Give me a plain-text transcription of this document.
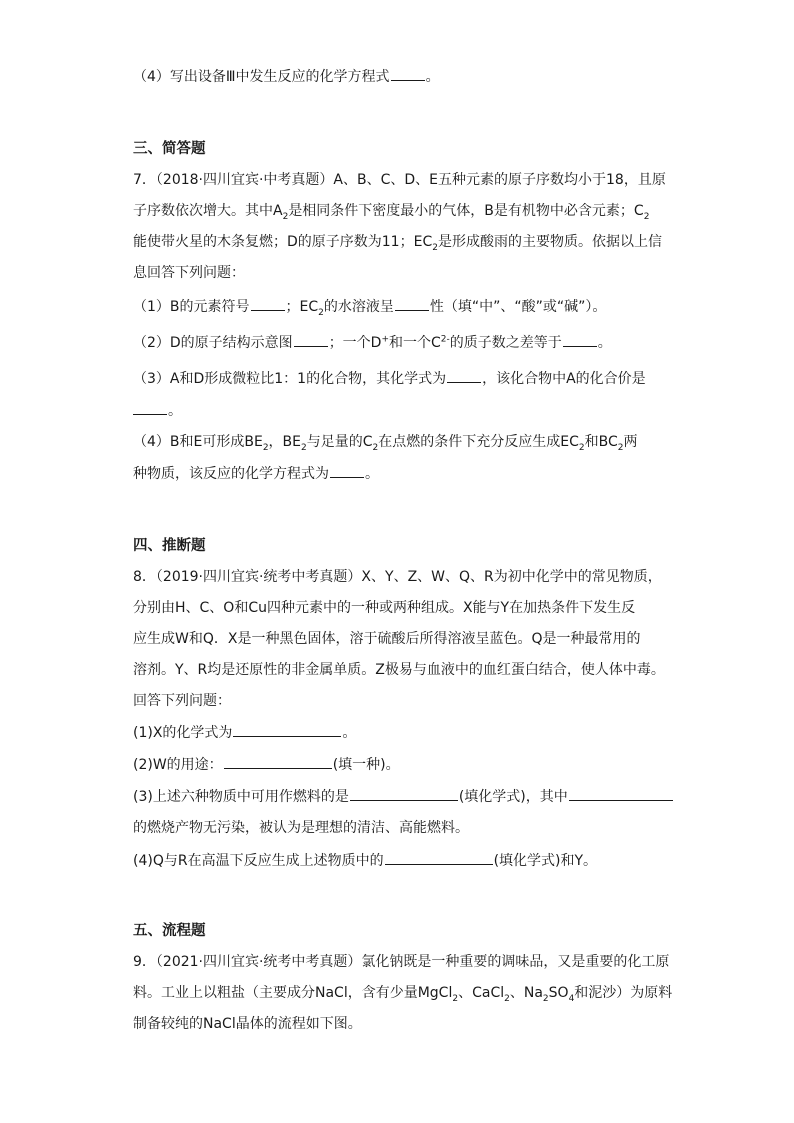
（4）写出设备Ⅲ中发生反应的化学方程式	。
三、简答题
7．（2018·四川宜宾·中考真题）A、B、C、D、E五种元素的原子序数均小于18，且原
子序数依次增大。其中$A_2$是相同条件下密度最小的气体，B是有机物中必含元素；$C_2$
能使带火星的木条复燃；D的原子序数为11；$EC_2$是形成酸雨的主要物质。依据以上信
息回答下列问题：
（1）B的元素符号	；$EC_2$的水溶液呈	性（填“中”、“酸”或“碱”）。
（2）D的原子结构示意图	；一个D+和一个$C^{2-}$的质子数之差等于	。
（3）A和D形成微粒比1：1的化合物，其化学式为	，该化合物中A的化合价是
。
（4）B和E可形成$BE_2$，$BE_2$与足量的$C_2$在点燃的条件下充分反应生成$EC_2$和$BC_2$两
种物质，该反应的化学方程式为	。
四、推断题
8．（2019·四川宜宾·统考中考真题）X、Y、Z、W、Q、R为初中化学中的常见物质，
分别由H、C、O和Cu四种元素中的一种或两种组成。X能与Y在加热条件下发生反
应生成W和Q．X是一种黑色固体，溶于硫酸后所得溶液呈蓝色。Q是一种最常用的
溶剂。Y、R均是还原性的非金属单质。Z极易与血液中的血红蛋白结合，使人体中毒。
回答下列问题：
(1)X的化学式为	。
(2)W的用途：	(填一种)。
(3)上述六种物质中可用作燃料的是	(填化学式)，其中
的燃烧产物无污染，被认为是理想的清洁、高能燃料。
(4)Q与R在高温下反应生成上述物质中的	(填化学式)和Y。
五、流程题
9．（2021·四川宜宾·统考中考真题）氯化钠既是一种重要的调味品，又是重要的化工原
料。工业上以粗盐（主要成分NaCl，含有少量MgCl$_2$、CaCl$_2$、$Na_2SO_4$和泥沙）为原料
制备较纯的NaCl晶体的流程如下图。
